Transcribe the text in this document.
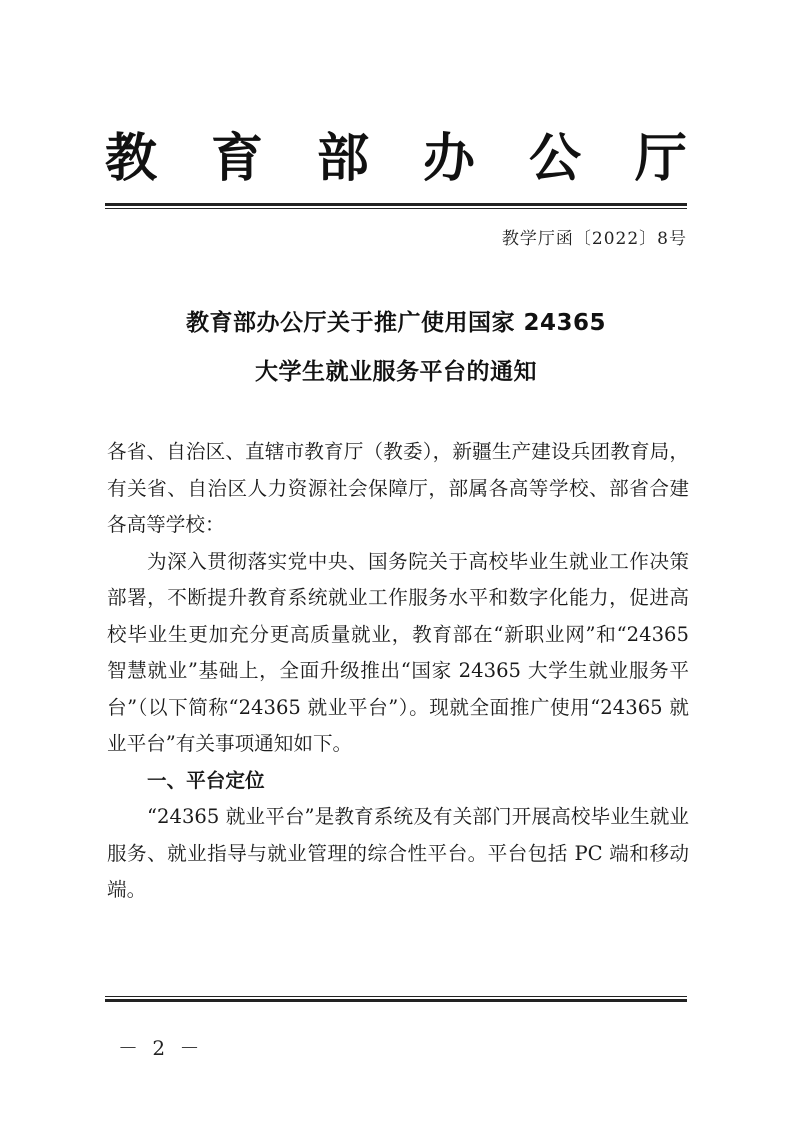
教 育 部 办 公 厅
教学厅函〔2022〕8号
教育部办公厅关于推广使用国家 24365
大学生就业服务平台的通知

各省、自治区、直辖市教育厅（教委），新疆生产建设兵团教育局，有关省、自治区人力资源社会保障厅，部属各高等学校、部省合建各高等学校：

为深入贯彻落实党中央、国务院关于高校毕业生就业工作决策部署，不断提升教育系统就业工作服务水平和数字化能力，促进高校毕业生更加充分更高质量就业，教育部在“新职业网”和“24365 智慧就业”基础上，全面升级推出“国家 24365 大学生就业服务平台”（以下简称“24365 就业平台”）。现就全面推广使用“24365 就业平台”有关事项通知如下。

一、平台定位

“24365 就业平台”是教育系统及有关部门开展高校毕业生就业服务、就业指导与就业管理的综合性平台。平台包括 PC 端和移动端。

－ 2 －
